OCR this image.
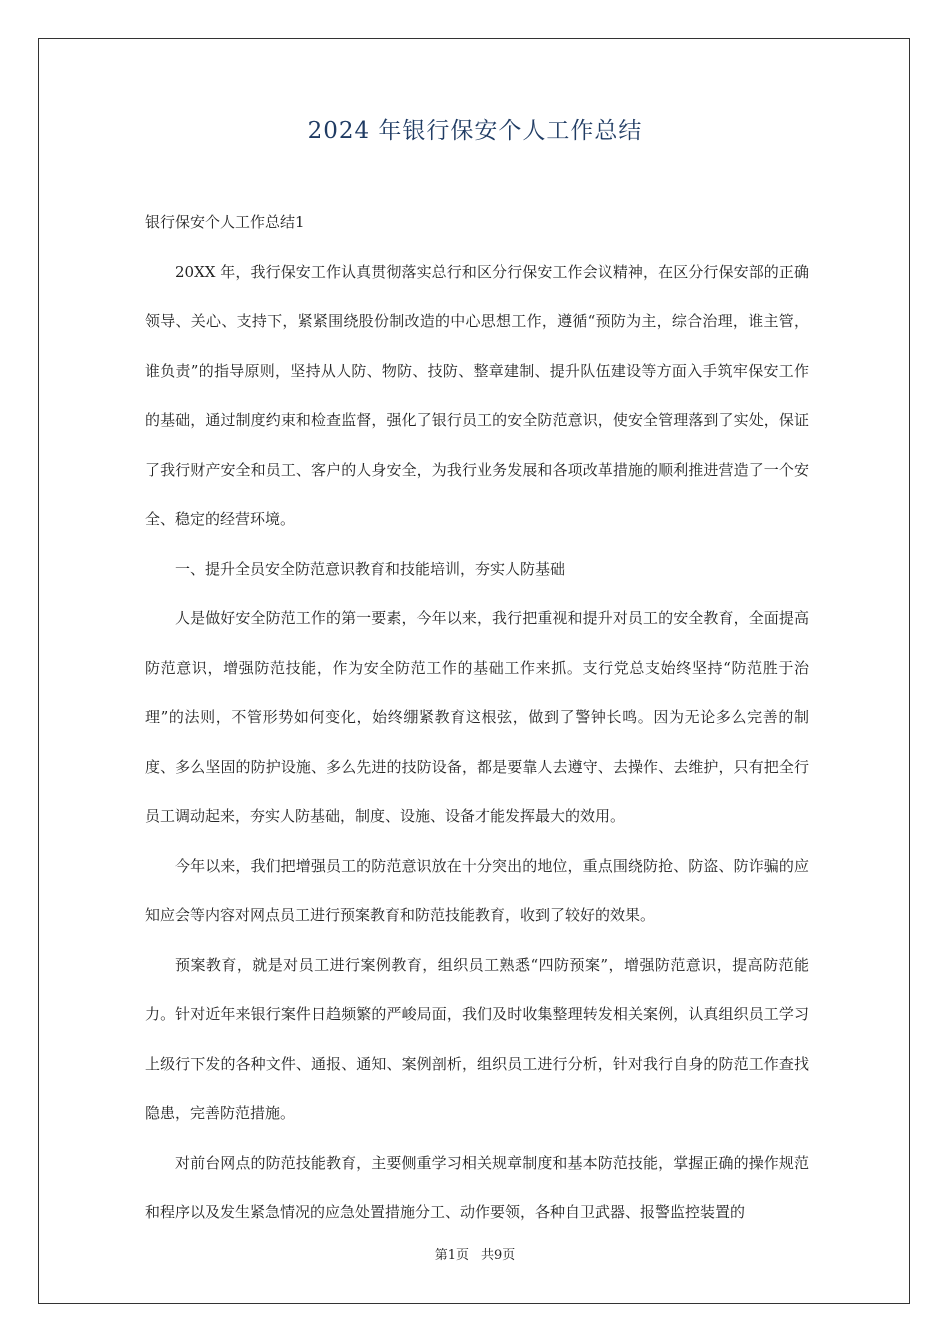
2024 年银行保安个人工作总结

银行保安个人工作总结1

20XX 年，我行保安工作认真贯彻落实总行和区分行保安工作会议精神，在区分行保安部的正确领导、关心、支持下，紧紧围绕股份制改造的中心思想工作，遵循“预防为主，综合治理，谁主管，谁负责”的指导原则，坚持从人防、物防、技防、整章建制、提升队伍建设等方面入手筑牢保安工作的基础，通过制度约束和检查监督，强化了银行员工的安全防范意识，使安全管理落到了实处，保证了我行财产安全和员工、客户的人身安全，为我行业务发展和各项改革措施的顺利推进营造了一个安全、稳定的经营环境。

一、提升全员安全防范意识教育和技能培训，夯实人防基础

人是做好安全防范工作的第一要素，今年以来，我行把重视和提升对员工的安全教育，全面提高防范意识，增强防范技能，作为安全防范工作的基础工作来抓。支行党总支始终坚持“防范胜于治理”的法则，不管形势如何变化，始终绷紧教育这根弦，做到了警钟长鸣。因为无论多么完善的制度、多么坚固的防护设施、多么先进的技防设备，都是要靠人去遵守、去操作、去维护，只有把全行员工调动起来，夯实人防基础，制度、设施、设备才能发挥最大的效用。

今年以来，我们把增强员工的防范意识放在十分突出的地位，重点围绕防抢、防盗、防诈骗的应知应会等内容对网点员工进行预案教育和防范技能教育，收到了较好的效果。

预案教育，就是对员工进行案例教育，组织员工熟悉“四防预案”，增强防范意识，提高防范能力。针对近年来银行案件日趋频繁的严峻局面，我们及时收集整理转发相关案例，认真组织员工学习上级行下发的各种文件、通报、通知、案例剖析，组织员工进行分析，针对我行自身的防范工作查找隐患，完善防范措施。

对前台网点的防范技能教育，主要侧重学习相关规章制度和基本防范技能，掌握正确的操作规范和程序以及发生紧急情况的应急处置措施分工、动作要领，各种自卫武器、报警监控装置的

第1页 共9页
